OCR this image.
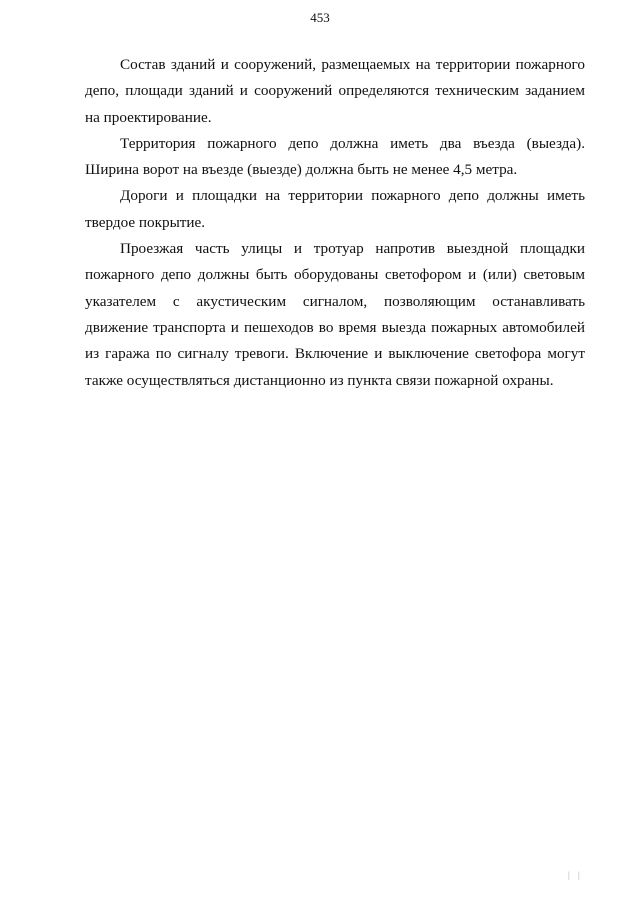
453

Состав зданий и сооружений, размещаемых на территории пожарного депо, площади зданий и сооружений определяются техническим заданием на проектирование.

Территория пожарного депо должна иметь два въезда (выезда). Ширина ворот на въезде (выезде) должна быть не менее 4,5 метра.

Дороги и площадки на территории пожарного депо должны иметь твердое покрытие.

Проезжая часть улицы и тротуар напротив выездной площадки пожарного депо должны быть оборудованы светофором и (или) световым указателем с акустическим сигналом, позволяющим останавливать движение транспорта и пешеходов во время выезда пожарных автомобилей из гаража по сигналу тревоги. Включение и выключение светофора могут также осуществляться дистанционно из пункта связи пожарной охраны.

| |
